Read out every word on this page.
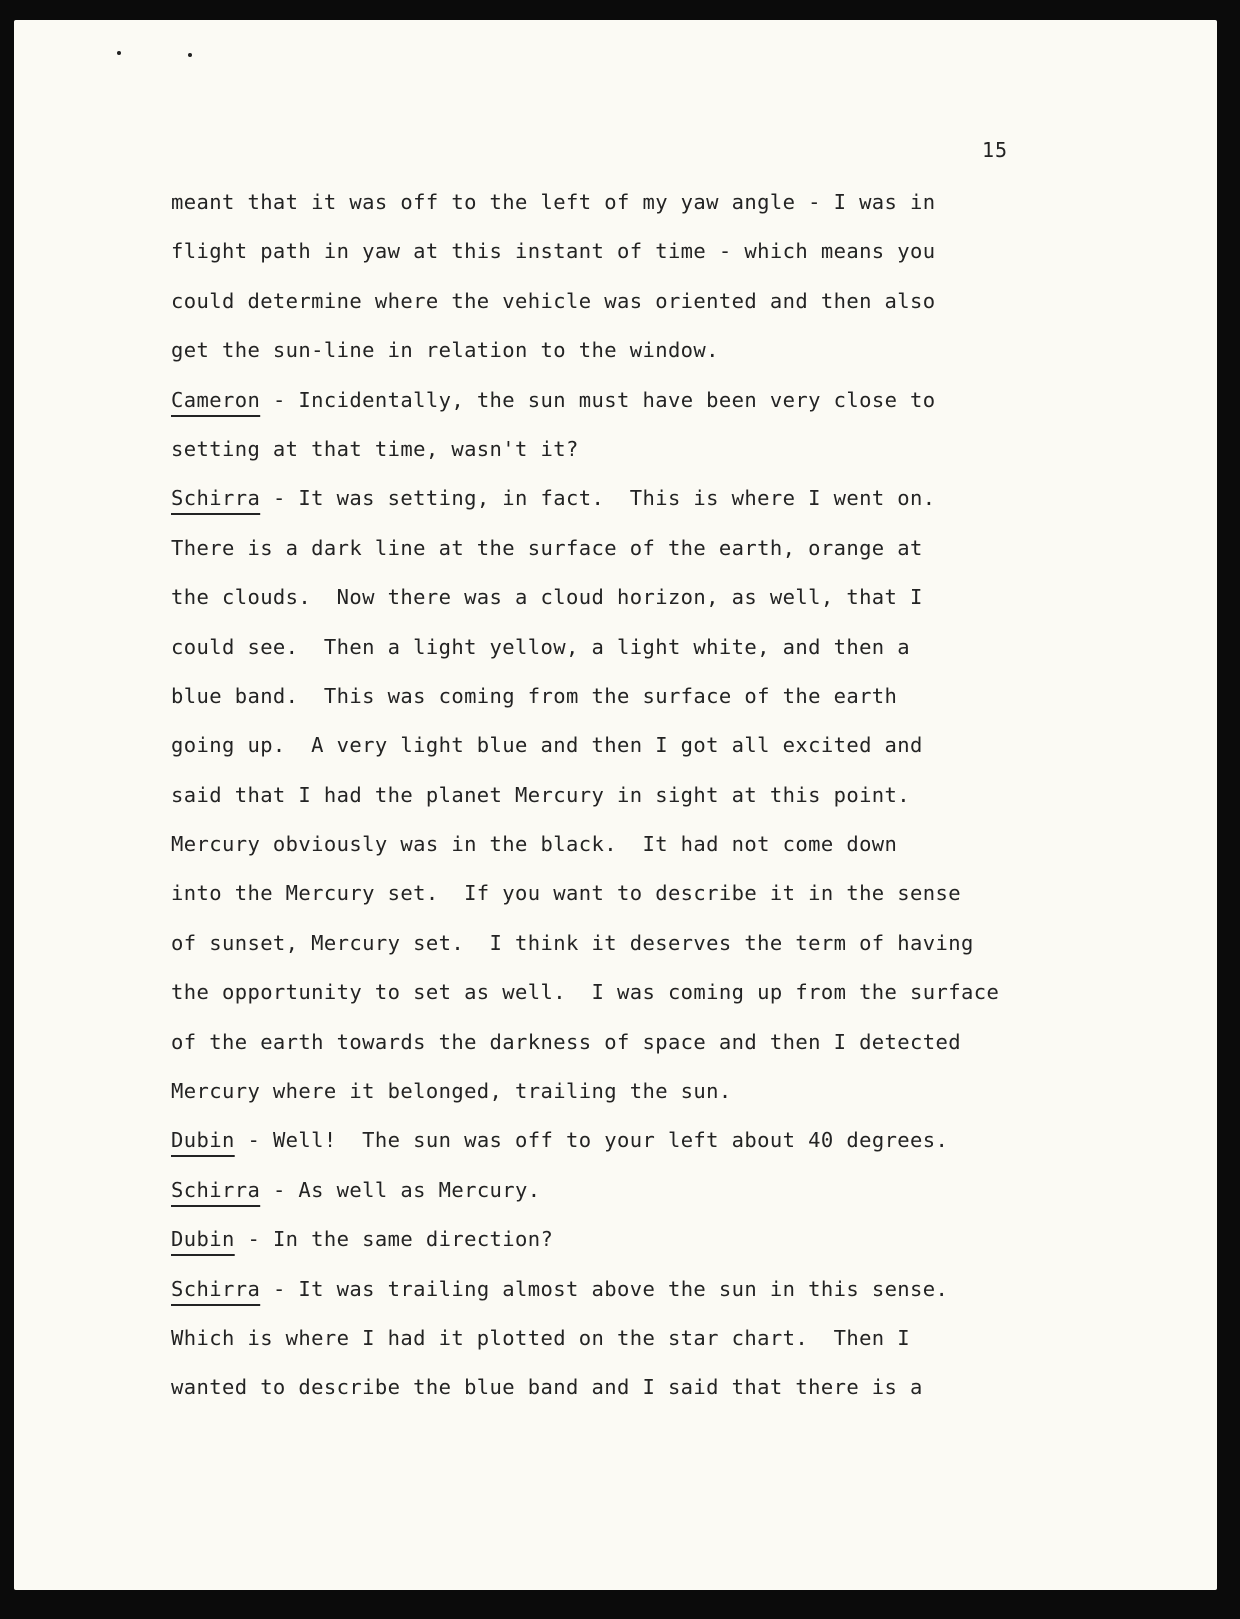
15
meant that it was off to the left of my yaw angle - I was in
flight path in yaw at this instant of time - which means you
could determine where the vehicle was oriented and then also
get the sun-line in relation to the window.
Cameron - Incidentally, the sun must have been very close to
setting at that time, wasn't it?
Schirra - It was setting, in fact.  This is where I went on.
There is a dark line at the surface of the earth, orange at
the clouds.  Now there was a cloud horizon, as well, that I
could see.  Then a light yellow, a light white, and then a
blue band.  This was coming from the surface of the earth
going up.  A very light blue and then I got all excited and
said that I had the planet Mercury in sight at this point.
Mercury obviously was in the black.  It had not come down
into the Mercury set.  If you want to describe it in the sense
of sunset, Mercury set.  I think it deserves the term of having
the opportunity to set as well.  I was coming up from the surface
of the earth towards the darkness of space and then I detected
Mercury where it belonged, trailing the sun.
Dubin - Well!  The sun was off to your left about 40 degrees.
Schirra - As well as Mercury.
Dubin - In the same direction?
Schirra - It was trailing almost above the sun in this sense.
Which is where I had it plotted on the star chart.  Then I
wanted to describe the blue band and I said that there is a
